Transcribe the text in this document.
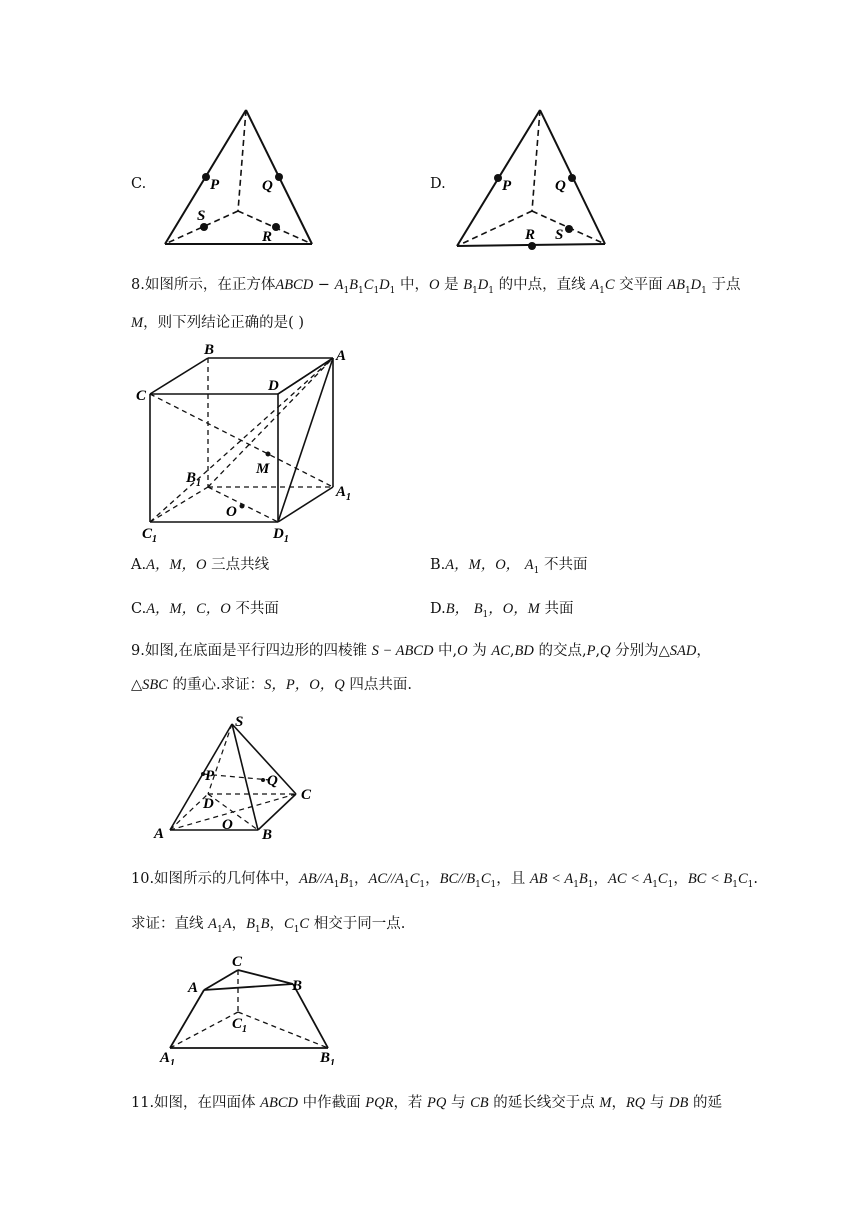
C.	P	Q
S
R
D.	P	Q
R S
8.如图所示，在正方体ABCD − $A_1B_1C_1D_1$ 中，O 是 $B_1D_1$ 的中点，直线 $A_1C$ 交平面 $AB_1D_1$ 于点
M，则下列结论正确的是( )
B	A
C
D
$B_1$
M
$A_1$
O
$C_1$	$D_1$
A.A，M，O 三点共线	B.A，M，O， $A_1$ 不共面
C.A，M，C，O 不共面	D.B， $B_1$，O，M 共面
9.如图,在底面是平行四边形的四棱锥 S − ABCD 中,O 为 AC,BD 的交点,P,Q 分别为△SAD，
△SBC 的重心.求证：S，P，O，Q 四点共面.
S
P	Q
D
C
A
O
B
10.如图所示的几何体中，$AB//A_1B_1$，$AC//A_1C_1$，$BC//B_1C_1$，且 AB < $A_1B_1$，AC < $A_1C_1$，BC < $B_1C_1$.
求证：直线 $A_1A$，$B_1B$，$C_1C$ 相交于同一点.
C
A	B
$C_1$
$A_1$	$B_1$
11.如图，在四面体 ABCD 中作截面 PQR，若 PQ 与 CB 的延长线交于点 M，RQ 与 DB 的延
